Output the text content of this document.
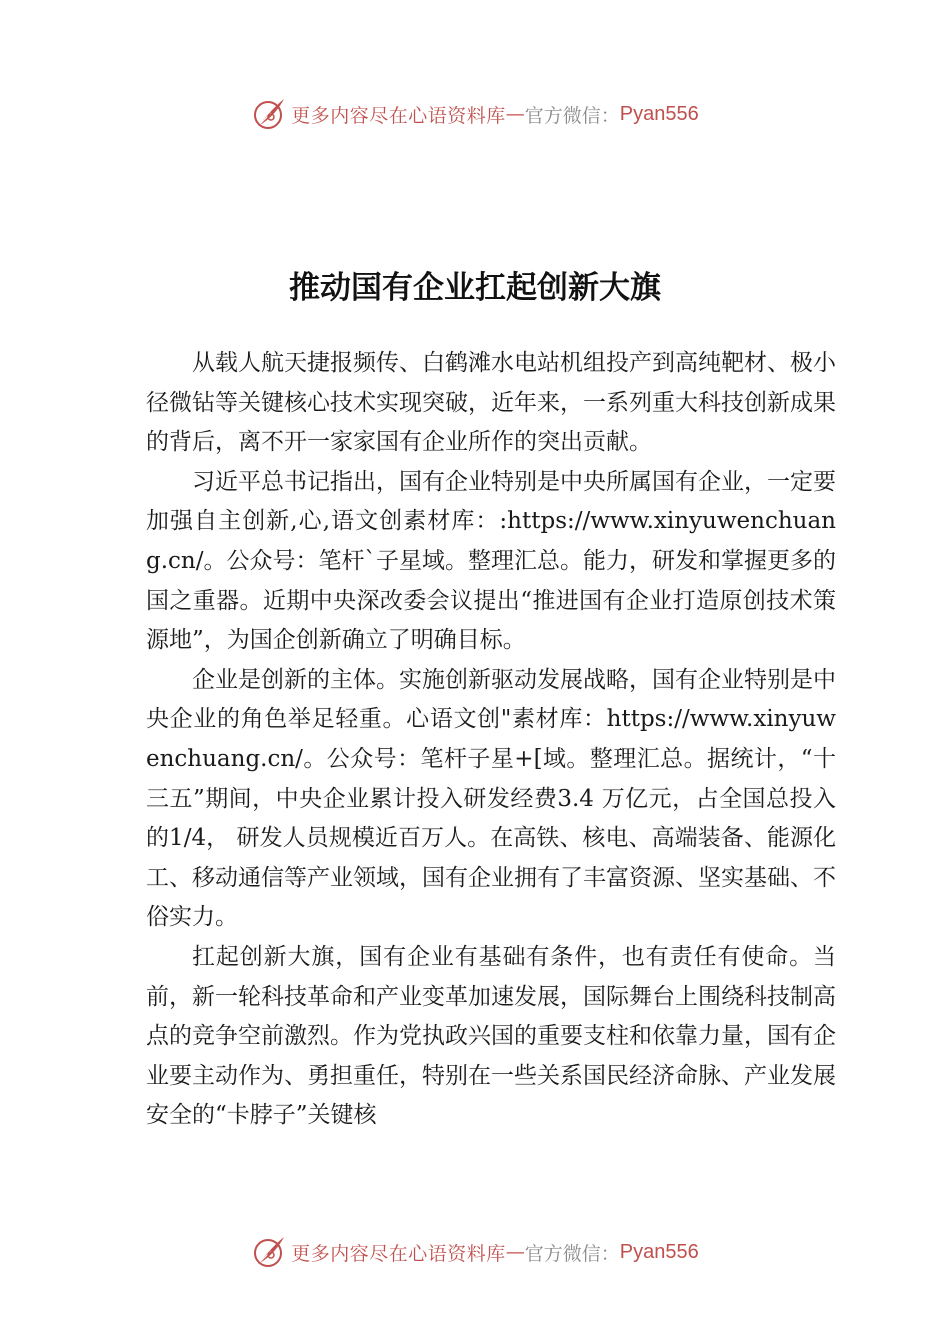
更多内容尽在心语资料库 — 官方微信： Pyan556
推动国有企业扛起创新大旗

从载人航天捷报频传、白鹤滩水电站机组投产到高纯靶材、极小径微钻等关键核心技术实现突破，近年来，一系列重大科技创新成果的背后，离不开一家家国有企业所作的突出贡献。

习近平总书记指出，国有企业特别是中央所属国有企业，一定要加强自主创新,心,语文创素材库：:https://www.xinyuwenchuang.cn/。公众号：笔杆`子星域。整理汇总。能力，研发和掌握更多的国之重器。近期中央深改委会议提出“推进国有企业打造原创技术策源地”，为国企创新确立了明确目标。

企业是创新的主体。实施创新驱动发展战略，国有企业特别是中央企业的角色举足轻重。心语文创"素材库：https://www.xinyuwenchuang.cn/。公众号：笔杆子星+[域。整理汇总。据统计，“十三五”期间，中央企业累计投入研发经费3.4 万亿元，占全国总投入的1/4， 研发人员规模近百万人。在高铁、核电、高端装备、能源化工、移动通信等产业领域，国有企业拥有了丰富资源、坚实基础、不俗实力。

扛起创新大旗，国有企业有基础有条件，也有责任有使命。当前，新一轮科技革命和产业变革加速发展，国际舞台上围绕科技制高点的竞争空前激烈。作为党执政兴国的重要支柱和依靠力量，国有企业要主动作为、勇担重任，特别在一些关系国民经济命脉、产业发展安全的“卡脖子”关键核

更多内容尽在心语资料库 — 官方微信： Pyan556
